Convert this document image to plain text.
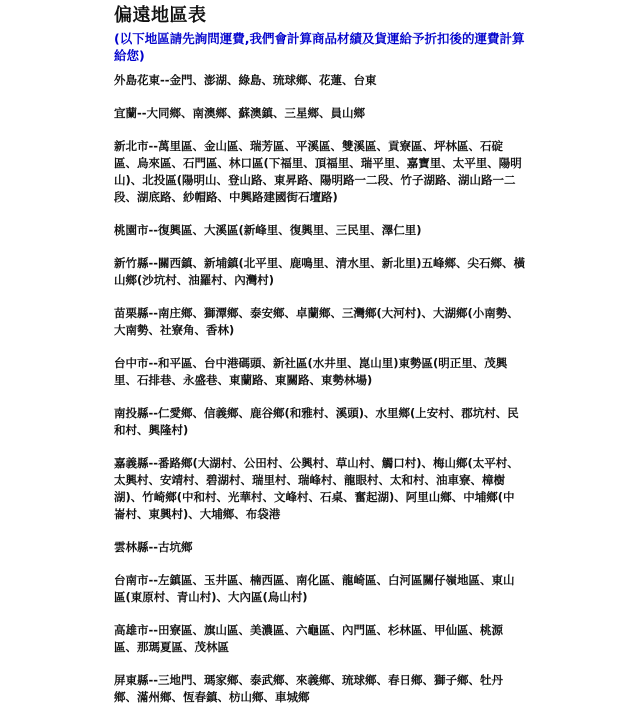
偏遠地區表

(以下地區請先詢問運費,我們會計算商品材績及貨運給予折扣後的運費計算給您)

外島花東--金門、澎湖、綠島、琉球鄉、花蓮、台東

宜蘭--大同鄉、南澳鄉、蘇澳鎮、三星鄉、員山鄉

新北市--萬里區、金山區、瑞芳區、平溪區、雙溪區、貢寮區、坪林區、石碇區、烏來區、石門區、林口區(下福里、頂福里、瑞平里、嘉寶里、太平里、陽明山)、北投區(陽明山、登山路、東昇路、陽明路一二段、竹子湖路、湖山路一二段、湖底路、紗帽路、中興路建國街石壇路)

桃園市--復興區、大溪區(新峰里、復興里、三民里、澤仁里)

新竹縣--關西鎮、新埔鎮(北平里、鹿鳴里、清水里、新北里)五峰鄉、尖石鄉、橫山鄉(沙坑村、油羅村、內灣村)

苗栗縣--南庄鄉、獅潭鄉、泰安鄉、卓蘭鄉、三灣鄉(大河村)、大湖鄉(小南勢、大南勢、社寮角、香林)

台中市--和平區、台中港碼頭、新社區(水井里、崑山里)東勢區(明正里、茂興里、石排巷、永盛巷、東蘭路、東關路、東勢林場)

南投縣--仁愛鄉、信義鄉、鹿谷鄉(和雅村、溪頭)、水里鄉(上安村、郡坑村、民和村、興隆村)

嘉義縣--番路鄉(大湖村、公田村、公興村、草山村、觸口村)、梅山鄉(太平村、太興村、安靖村、碧湖村、瑞里村、瑞峰村、龍眼村、太和村、油車寮、樟樹湖)、竹崎鄉(中和村、光華村、文峰村、石桌、奮起湖)、阿里山鄉、中埔鄉(中崙村、東興村)、大埔鄉、布袋港

雲林縣--古坑鄉

台南市--左鎮區、玉井區、楠西區、南化區、龍崎區、白河區關仔嶺地區、東山區(東原村、青山村)、大內區(烏山村)

高雄市--田寮區、旗山區、美濃區、六龜區、內門區、杉林區、甲仙區、桃源區、那瑪夏區、茂林區

屏東縣--三地門、瑪家鄉、泰武鄉、來義鄉、琉球鄉、春日鄉、獅子鄉、牡丹鄉、滿州鄉、恆春鎮、枋山鄉、車城鄉
